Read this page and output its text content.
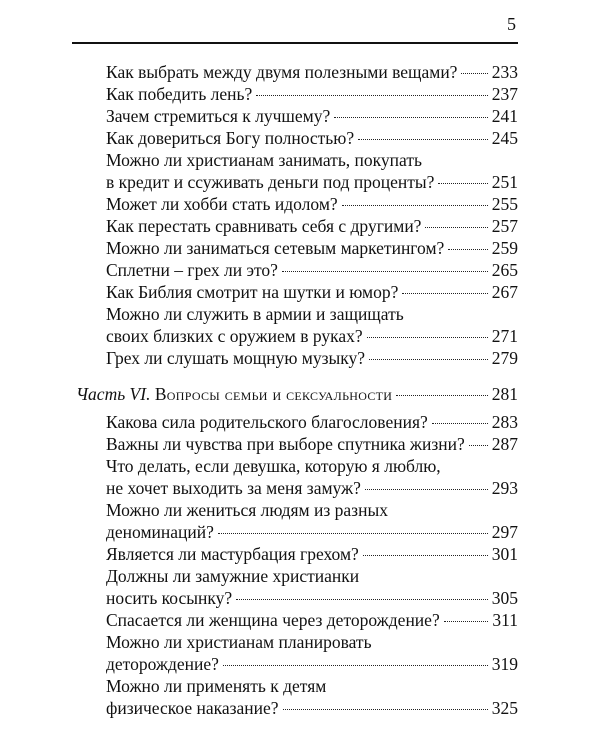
5
Как выбрать между двумя полезными вещами? 233
Как победить лень?	237
Зачем стремиться к лучшему?	241
Как довериться Богу полностью?	245
Можно ли христианам занимать, покупать
в кредит и ссуживать деньги под проценты?	251
Может ли хобби стать идолом?	255
Как перестать сравнивать себя с другими?	257
Можно ли заниматься сетевым маркетингом?	259
Сплетни – грех ли это?	265
Как Библия смотрит на шутки и юмор?	267
Можно ли служить в армии и защищать
своих близких с оружием в руках?	271
Грех ли слушать мощную музыку?	279
Часть VI. Вопросы семьи и сексуальности	281
Какова сила родительского благословения?	283
Важны ли чувства при выборе спутника жизни? 287
Что делать, если девушка, которую я люблю,
не хочет выходить за меня замуж?	293
Можно ли жениться людям из разных
деноминаций?	297
Является ли мастурбация грехом?	301
Должны ли замужние христианки
носить косынку?	305
Спасается ли женщина через деторождение?	311
Можно ли христианам планировать
деторождение?	319
Можно ли применять к детям
физическое наказание?	325
